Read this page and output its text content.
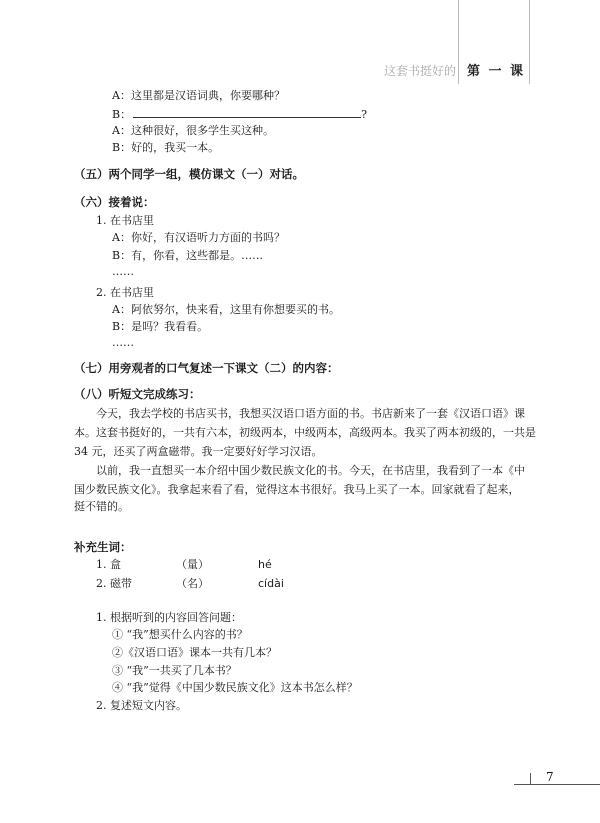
这套书挺好的 第 一 课
A：这里都是汉语词典，你要哪种？
B：	?
A：这种很好，很多学生买这种。
B：好的，我买一本。
（五）两个同学一组，模仿课文（一）对话。
（六）接着说：
1. 在书店里
A：你好，有汉语听力方面的书吗？
B：有，你看，这些都是。……
……
2. 在书店里
A：阿依努尔，快来看，这里有你想要买的书。
B：是吗？我看看。
……
（七）用旁观者的口气复述一下课文（二）的内容：
（八）听短文完成练习：
今天，我去学校的书店买书，我想买汉语口语方面的书。书店新来了一套《汉语口语》课
本。这套书挺好的，一共有六本，初级两本，中级两本，高级两本。我买了两本初级的，一共是
34 元，还买了两盒磁带。我一定要好好学习汉语。
以前，我一直想买一本介绍中国少数民族文化的书。今天，在书店里，我看到了一本《中
国少数民族文化》。我拿起来看了看，觉得这本书很好。我马上买了一本。回家就看了起来，
挺不错的。
补充生词：
1. 盒	（量）	hé
2. 磁带	（名）	cídài
1. 根据听到的内容回答问题：
① “我”想买什么内容的书？
②《汉语口语》课本一共有几本？
③ “我”一共买了几本书？
④ “我”觉得《中国少数民族文化》这本书怎么样？
2. 复述短文内容。
7
